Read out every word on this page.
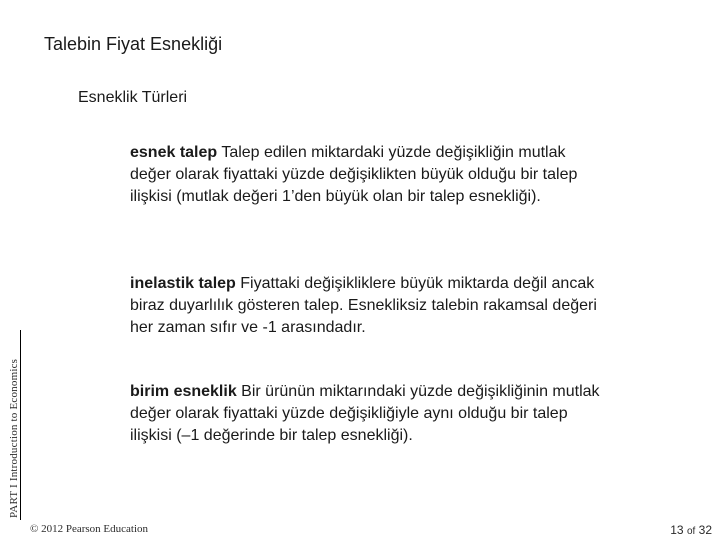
Talebin Fiyat Esnekliği
Esneklik Türleri

esnek talep Talep edilen miktardaki yüzde değişikliğin mutlak değer olarak fiyattaki yüzde değişiklikten büyük olduğu bir talep ilişkisi (mutlak değeri 1’den büyük olan bir talep esnekliği).

inelastik talep Fiyattaki değişikliklere büyük miktarda değil ancak biraz duyarlılık gösteren talep. Esnekliksiz talebin rakamsal değeri her zaman sıfır ve -1 arasındadır.

birim esneklik Bir ürünün miktarındaki yüzde değişikliğinin mutlak değer olarak fiyattaki yüzde değişikliğiyle aynı olduğu bir talep ilişkisi (–1 değerinde bir talep esnekliği).

PART I Introduction to Economics
© 2012 Pearson Education	13 of 32
